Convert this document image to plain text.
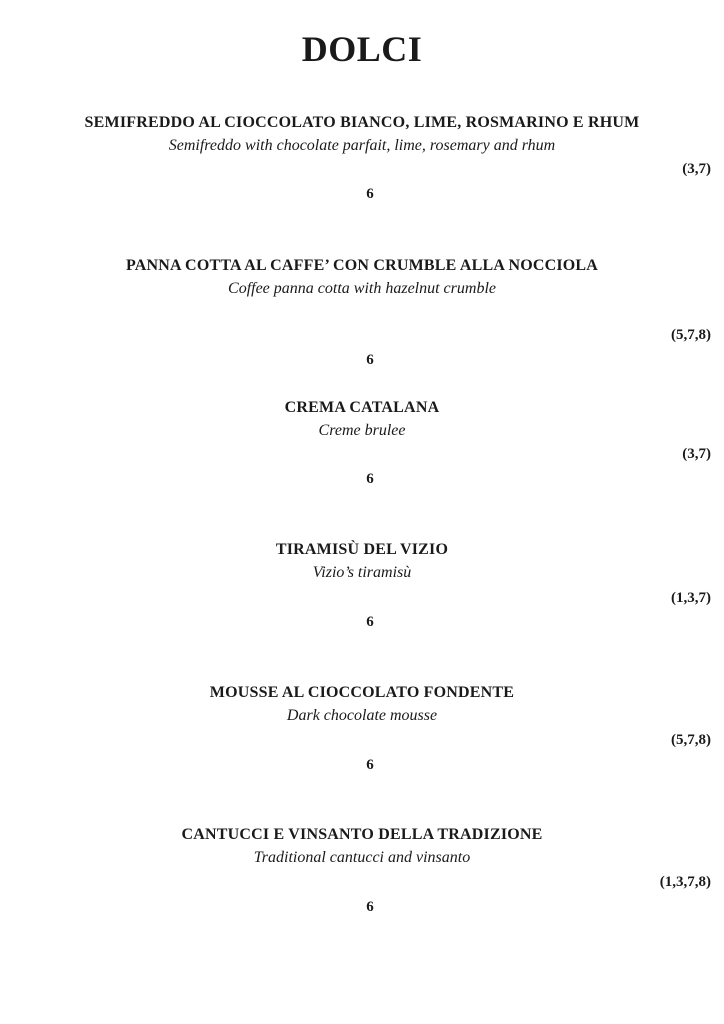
DOLCI
SEMIFREDDO AL CIOCCOLATO BIANCO, LIME, ROSMARINO E RHUM
Semifreddo with chocolate parfait, lime, rosemary and rhum
(3,7)
6
PANNA COTTA AL CAFFE’ CON CRUMBLE ALLA NOCCIOLA
Coffee panna cotta with hazelnut crumble
(5,7,8)
6
CREMA CATALANA
Creme brulee
(3,7)
6
TIRAMISÙ DEL VIZIO
Vizio’s tiramisù
(1,3,7)
6
MOUSSE AL CIOCCOLATO FONDENTE
Dark chocolate mousse
(5,7,8)
6
CANTUCCI E VINSANTO DELLA TRADIZIONE
Traditional cantucci and vinsanto
(1,3,7,8)
6
